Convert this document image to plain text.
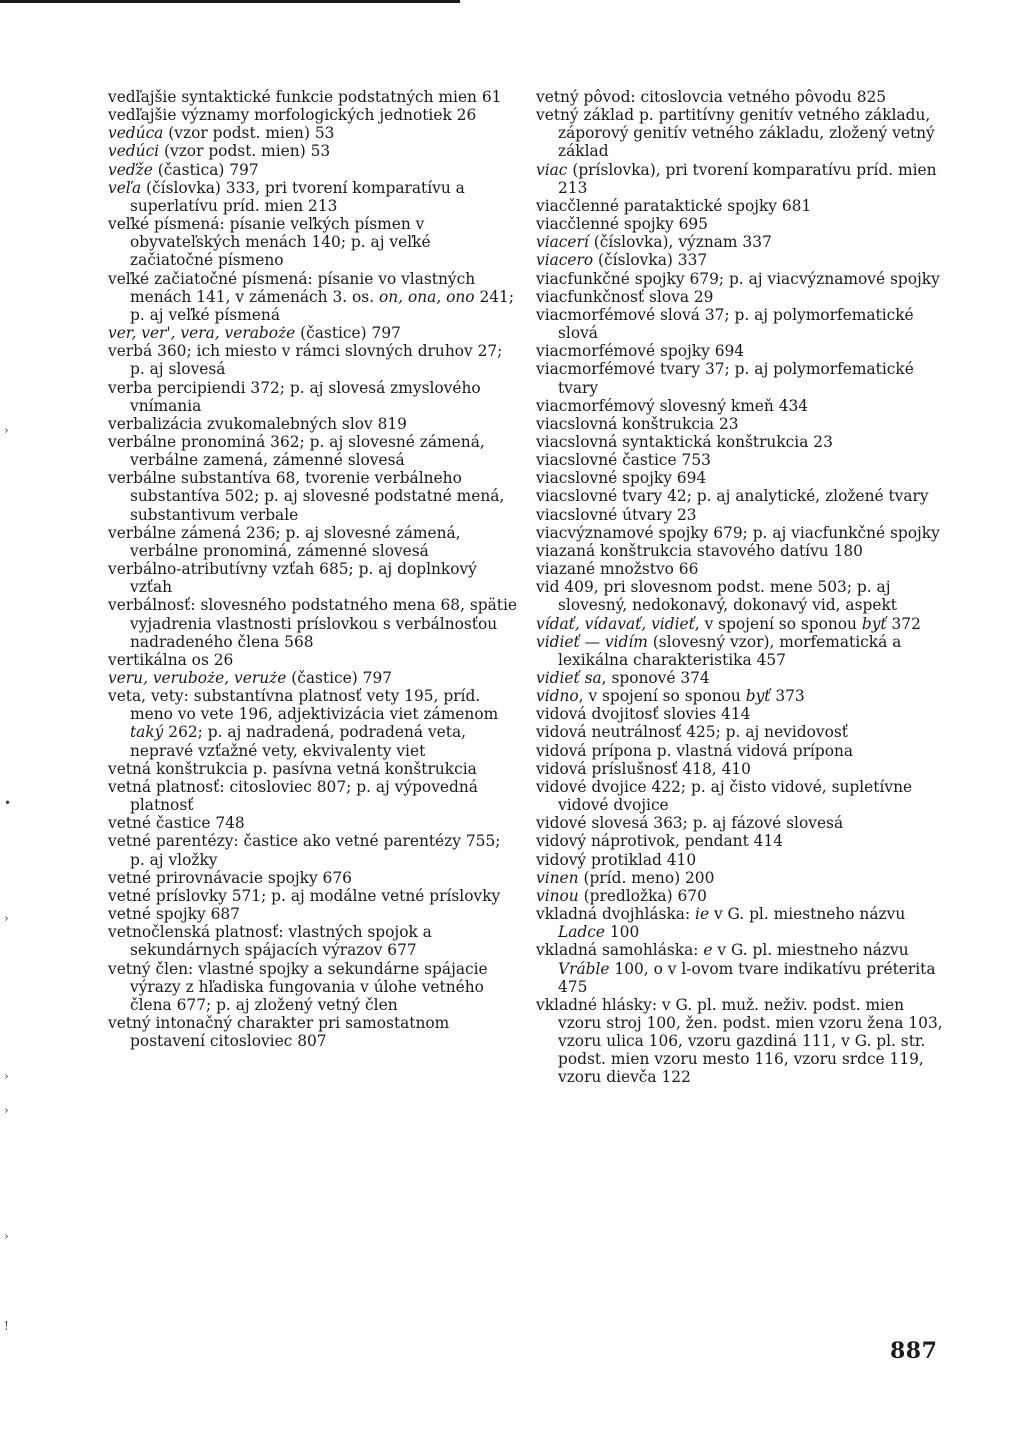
›
•
›
›
›
›
!

vedľajšie syntaktické funkcie podstatných mien 61

vedľajšie významy morfologických jednotiek 26

vedúca (vzor podst. mien) 53

vedúci (vzor podst. mien) 53

veďže (častica) 797

veľa (číslovka) 333, pri tvorení komparatívu a superlatívu príd. mien 213

veľké písmená: písanie veľkých písmen v obyvateľských menách 140; p. aj veľké začiatočné písmeno

veľké začiatočné písmená: písanie vo vlastných menách 141, v zámenách 3. os. on, ona, ono 241; p. aj veľké písmená

ver, ver', vera, veraboże (častice) 797

verbá 360; ich miesto v rámci slovných druhov 27; p. aj slovesá

verba percipiendi 372; p. aj slovesá zmyslového vnímania

verbalizácia zvukomalebných slov 819

verbálne pronominá 362; p. aj slovesné zámená, verbálne zamená, zámenné slovesá

verbálne substantíva 68, tvorenie verbálneho substantíva 502; p. aj slovesné podstatné mená, substantivum verbale

verbálne zámená 236; p. aj slovesné zámená, verbálne pronominá, zámenné slovesá

verbálno-atributívny vzťah 685; p. aj doplnkový vzťah

verbálnosť: slovesného podstatného mena 68, spätie vyjadrenia vlastnosti príslovkou s verbálnosťou nadradeného člena 568

vertikálna os 26

veru, veruboże, veruże (častice) 797

veta, vety: substantívna platnosť vety 195, príd. meno vo vete 196, adjektivizácia viet zámenom taký 262; p. aj nadradená, podradená veta, nepravé vzťažné vety, ekvivalenty viet

vetná konštrukcia p. pasívna vetná konštrukcia

vetná platnosť: citosloviec 807; p. aj výpovedná platnosť

vetné častice 748

vetné parentézy: častice ako vetné parentézy 755; p. aj vložky

vetné prirovnávacie spojky 676

vetné príslovky 571; p. aj modálne vetné príslovky

vetné spojky 687

vetnočlenská platnosť: vlastných spojok a sekundárnych spájacích výrazov 677

vetný člen: vlastné spojky a sekundárne spájacie výrazy z hľadiska fungovania v úlohe vetného člena 677; p. aj zložený vetný člen

vetný intonačný charakter pri samostatnom postavení citosloviec 807

vetný pôvod: citoslovcia vetného pôvodu 825

vetný základ p. partitívny genitív vetného základu, záporový genitív vetného základu, zložený vetný základ

viac (príslovka), pri tvorení komparatívu príd. mien 213

viacčlenné parataktické spojky 681

viacčlenné spojky 695

viacerí (číslovka), význam 337

viacero (číslovka) 337

viacfunkčné spojky 679; p. aj viacvýznamové spojky

viacfunkčnosť slova 29

viacmorfémové slová 37; p. aj polymorfematické slová

viacmorfémové spojky 694

viacmorfémové tvary 37; p. aj polymorfematické tvary

viacmorfémový slovesný kmeň 434

viacslovná konštrukcia 23

viacslovná syntaktická konštrukcia 23

viacslovné častice 753

viacslovné spojky 694

viacslovné tvary 42; p. aj analytické, zložené tvary

viacslovné útvary 23

viacvýznamové spojky 679; p. aj viacfunkčné spojky

viazaná konštrukcia stavového datívu 180

viazané množstvo 66

vid 409, pri slovesnom podst. mene 503; p. aj slovesný, nedokonavý, dokonavý vid, aspekt

vídať, vídavať, vidieť, v spojení so sponou byť 372

vidieť — vidím (slovesný vzor), morfematická a lexikálna charakteristika 457

vidieť sa, sponové 374

vidno, v spojení so sponou byť 373

vidová dvojitosť slovies 414

vidová neutrálnosť 425; p. aj nevidovosť

vidová prípona p. vlastná vidová prípona

vidová príslušnosť 418, 410

vidové dvojice 422; p. aj čisto vidové, supletívne vidové dvojice

vidové slovesá 363; p. aj fázové slovesá

vidový náprotivok, pendant 414

vidový protiklad 410

vinen (príd. meno) 200

vinou (predložka) 670

vkladná dvojhláska: ie v G. pl. miestneho názvu Ladce 100

vkladná samohláska: e v G. pl. miestneho názvu Vráble 100, o v l-ovom tvare indikatívu préterita 475

vkladné hlásky: v G. pl. muž. neživ. podst. mien vzoru stroj 100, žen. podst. mien vzoru žena 103, vzoru ulica 106, vzoru gazdiná 111, v G. pl. str. podst. mien vzoru mesto 116, vzoru srdce 119, vzoru dievča 122

887
